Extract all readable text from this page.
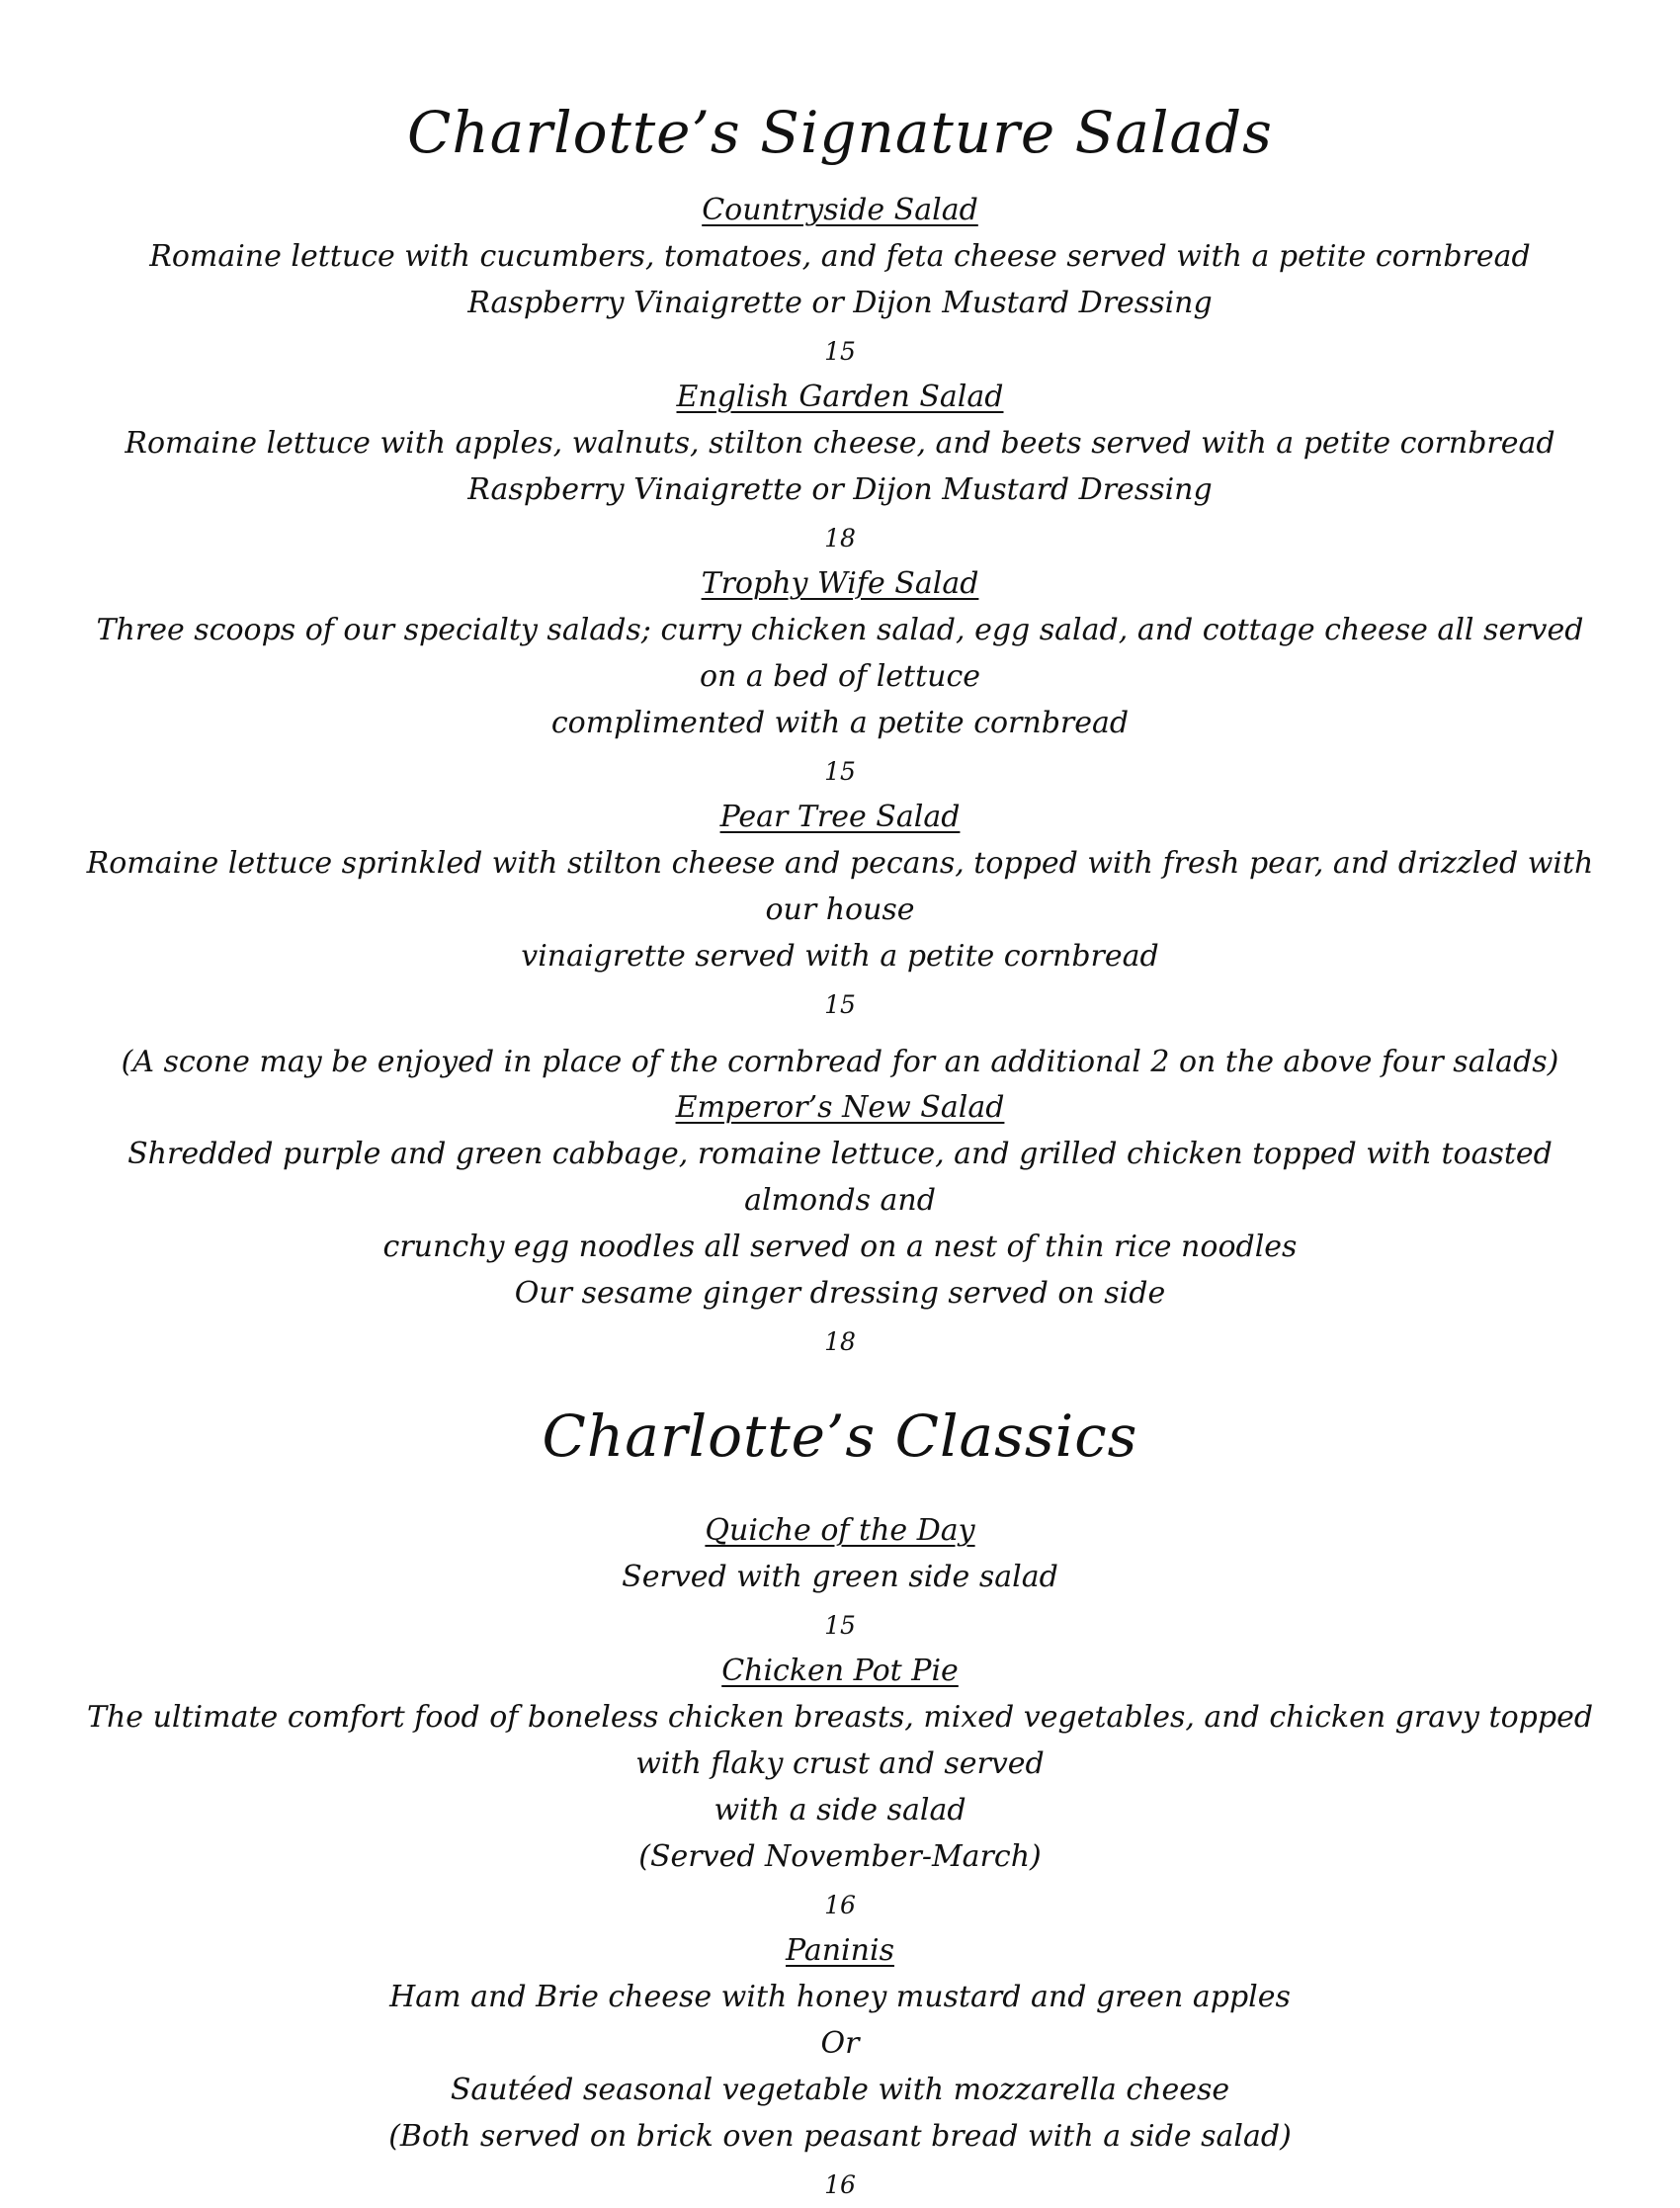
Charlotte’s Signature Salads
Countryside Salad
Romaine lettuce with cucumbers, tomatoes, and feta cheese served with a petite cornbread
Raspberry Vinaigrette or Dijon Mustard Dressing
15
English Garden Salad
Romaine lettuce with apples, walnuts, stilton cheese, and beets served with a petite cornbread
Raspberry Vinaigrette or Dijon Mustard Dressing
18
Trophy Wife Salad
Three scoops of our specialty salads; curry chicken salad, egg salad, and cottage cheese all served on a bed of lettuce
complimented with a petite cornbread
15
Pear Tree Salad
Romaine lettuce sprinkled with stilton cheese and pecans, topped with fresh pear, and drizzled with our house
vinaigrette served with a petite cornbread
15
(A scone may be enjoyed in place of the cornbread for an additional 2 on the above four salads)
Emperor’s New Salad
Shredded purple and green cabbage, romaine lettuce, and grilled chicken topped with toasted almonds and
crunchy egg noodles all served on a nest of thin rice noodles
Our sesame ginger dressing served on side
18
Charlotte’s Classics
Quiche of the Day
Served with green side salad
15
Chicken Pot Pie
The ultimate comfort food of boneless chicken breasts, mixed vegetables, and chicken gravy topped with flaky crust and served
with a side salad
(Served November-March)
16
Paninis
Ham and Brie cheese with honey mustard and green apples
Or
Sautéed seasonal vegetable with mozzarella cheese
(Both served on brick oven peasant bread with a side salad)
16
